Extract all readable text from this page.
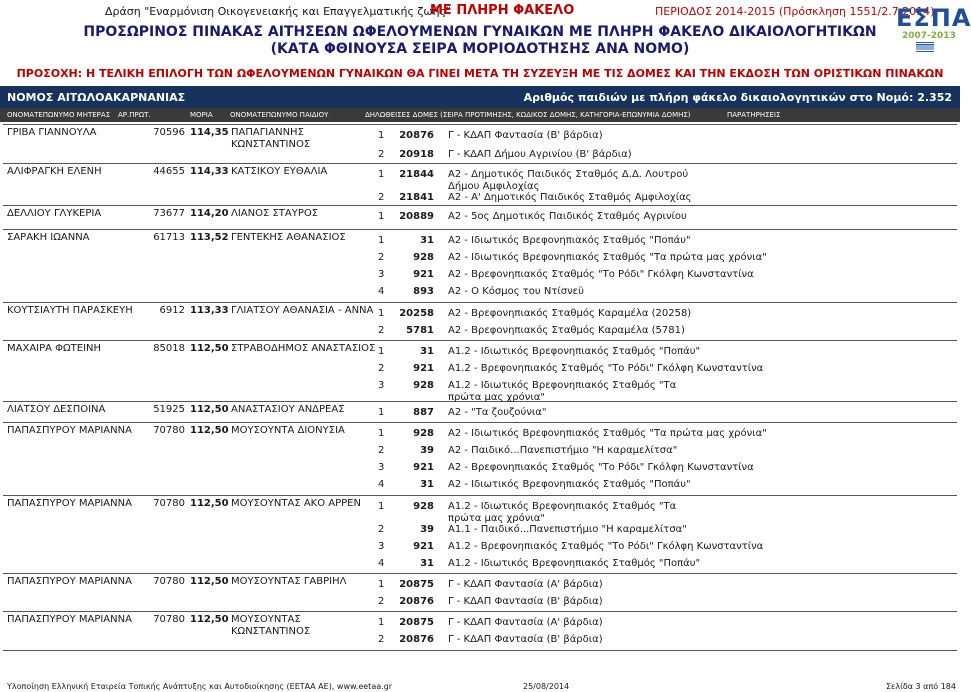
Δράση "Εναρμόνιση Οικογενειακής και Επαγγελματικής ζωής"
ΜΕ ΠΛΗΡΗ ΦΑΚΕΛΟ	ΠΕΡΙΟΔΟΣ 2014-2015 (Πρόσκληση 1551/2.7.2014)
ΕΣΠΑ
2007-2013
ΠΡΟΣΩΡΙΝΟΣ ΠΙΝΑΚΑΣ ΑΙΤΗΣΕΩΝ ΩΦΕΛΟΥΜΕΝΩΝ ΓΥΝΑΙΚΩΝ ΜΕ ΠΛΗΡΗ ΦΑΚΕΛΟ ΔΙΚΑΙΟΛΟΓΗΤΙΚΩΝ
(ΚΑΤΑ ΦΘΙΝΟΥΣΑ ΣΕΙΡΑ ΜΟΡΙΟΔΟΤΗΣΗΣ ΑΝΑ ΝΟΜΟ)
ΠΡΟΣΟΧΗ: Η ΤΕΛΙΚΗ ΕΠΙΛΟΓΗ ΤΩΝ ΩΦΕΛΟΥΜΕΝΩΝ ΓΥΝΑΙΚΩΝ ΘΑ ΓΙΝΕΙ ΜΕΤΑ ΤΗ ΣΥΖΕΥΞΗ ΜΕ ΤΙΣ ΔΟΜΕΣ ΚΑΙ ΤΗΝ ΕΚΔΟΣΗ ΤΩΝ ΟΡΙΣΤΙΚΩΝ ΠΙΝΑΚΩΝ
ΝΟΜΟΣ ΑΙΤΩΛΟΑΚΑΡΝΑΝΙΑΣ	Αριθμός παιδιών με πλήρη φάκελο δικαιολογητικών στο Νομό: 2.352
ΟΝΟΜΑΤΕΠΩΝΥΜΟ ΜΗΤΕΡΑΣ ΑΡ.ΠΡΩΤ.	ΜΟΡΙΑ ΟΝΟΜΑΤΕΠΩΝΥΜΟ ΠΑΙΔΙΟΥ	ΔΗΛΩΘΕΙΣΕΣ ΔΟΜΕΣ (ΣΕΙΡΑ ΠΡΟΤΙΜΗΣΗΣ, ΚΩΔΙΚΟΣ ΔΟΜΗΣ, ΚΑΤΗΓΟΡΙΑ-ΕΠΩΝΥΜΙΑ ΔΟΜΗΣ)	ΠΑΡΑΤΗΡΗΣΕΙΣ
ΓΡΙΒΑ ΓΙΑΝΝΟΥΛΑ	70596 114,35 ΠΑΠΑΓΙΑΝΝΗΣ ΚΩΝΣΤΑΝΤΙΝΟΣ
1	20876 Γ - ΚΔΑΠ Φαντασία (Β' βάρδια)
2	20918 Γ - ΚΔΑΠ Δήμου Αγρινίου (Β' βάρδια)
ΑΛΙΦΡΑΓΚΗ ΕΛΕΝΗ	44655 114,33 ΚΑΤΣΙΚΟΥ ΕΥΘΑΛΙΑ	1	21844 Α2 - Δημοτικός Παιδικός Σταθμός Δ.Δ. Λουτρού Δήμου Αμφιλοχίας
2	21841 Α2 - Α' Δημοτικός Παιδικός Σταθμός Αμφιλοχίας
ΔΕΛΛΙΟΥ ΓΛΥΚΕΡΙΑ	73677 114,20 ΛΙΑΝΟΣ ΣΤΑΥΡΟΣ	1	20889 Α2 - 5ος Δημοτικός Παιδικός Σταθμός Αγρινίου
ΣΑΡΑΚΗ ΙΩΑΝΝΑ	61713 113,52 ΓΕΝΤΕΚΗΣ ΑΘΑΝΑΣΙΟΣ	1	31 Α2 - Ιδιωτικός Βρεφονηπιακός Σταθμός "Ποπάυ"
2	928 Α2 - Ιδιωτικός Βρεφονηπιακός Σταθμός "Τα πρώτα μας χρόνια"
3	921 Α2 - Βρεφονηπιακός Σταθμός "Το Ρόδι" Γκόλφη Κωνσταντίνα
4	893 Α2 - Ο Κόσμος του Ντίσνεϋ
ΚΟΥΤΣΙΑΥΤΗ ΠΑΡΑΣΚΕΥΗ	6912 113,33 ΓΛΙΑΤΣΟΥ ΑΘΑΝΑΣΙΑ - ΑΝΝΑ 1	20258 Α2 - Βρεφονηπιακός Σταθμός Καραμέλα (20258)
2	5781 Α2 - Βρεφονηπιακός Σταθμός Καραμέλα (5781)
ΜΑΧΑΙΡΑ ΦΩΤΕΙΝΗ	85018 112,50 ΣΤΡΑΒΟΔΗΜΟΣ ΑΝΑΣΤΑΣΙΟΣ 1	31 Α1.2 - Ιδιωτικός Βρεφονηπιακός Σταθμός "Ποπάυ"
2	921 Α1.2 - Βρεφονηπιακός Σταθμός "Το Ρόδι" Γκόλφη Κωνσταντίνα
3	928 Α1.2 - Ιδιωτικός Βρεφονηπιακός Σταθμός "Τα πρώτα μας χρόνια"
ΛΙΑΤΣΟΥ ΔΕΣΠΟΙΝΑ	51925 112,50 ΑΝΑΣΤΑΣΙΟΥ ΑΝΔΡΕΑΣ	1	887 Α2 - "Τα ζουζούνια"
ΠΑΠΑΣΠΥΡΟΥ ΜΑΡΙΑΝΝΑ	70780 112,50 ΜΟΥΣΟΥΝΤΑ ΔΙΟΝΥΣΙΑ	1	928 Α2 - Ιδιωτικός Βρεφονηπιακός Σταθμός "Τα πρώτα μας χρόνια"
2	39 Α2 - Παιδικό...Πανεπιστήμιο "Η καραμελίτσα"
3	921 Α2 - Βρεφονηπιακός Σταθμός "Το Ρόδι" Γκόλφη Κωνσταντίνα
4	31 Α2 - Ιδιωτικός Βρεφονηπιακός Σταθμός "Ποπάυ"
ΠΑΠΑΣΠΥΡΟΥ ΜΑΡΙΑΝΝΑ	70780 112,50 ΜΟΥΣΟΥΝΤΑΣ ΑΚΟ ΑΡΡΕΝ	1	928 Α1.2 - Ιδιωτικός Βρεφονηπιακός Σταθμός "Τα πρώτα μας χρόνια"
2	39 Α1.1 - Παιδικό...Πανεπιστήμιο "Η καραμελίτσα"
3	921 Α1.2 - Βρεφονηπιακός Σταθμός "Το Ρόδι" Γκόλφη Κωνσταντίνα
4	31 Α1.2 - Ιδιωτικός Βρεφονηπιακός Σταθμός "Ποπάυ"
ΠΑΠΑΣΠΥΡΟΥ ΜΑΡΙΑΝΝΑ	70780 112,50 ΜΟΥΣΟΥΝΤΑΣ ΓΑΒΡΙΗΛ	1	20875 Γ - ΚΔΑΠ Φαντασία (Α' βάρδια)
2	20876 Γ - ΚΔΑΠ Φαντασία (Β' βάρδια)
ΠΑΠΑΣΠΥΡΟΥ ΜΑΡΙΑΝΝΑ	70780 112,50 ΜΟΥΣΟΥΝΤΑΣ ΚΩΝΣΤΑΝΤΙΝΟΣ
1	20875 Γ - ΚΔΑΠ Φαντασία (Α' βάρδια)
2	20876 Γ - ΚΔΑΠ Φαντασία (Β' βάρδια)
Υλοποίηση Ελληνική Εταιρεία Τοπικής Ανάπτυξης και Αυτοδιοίκησης (ΕΕΤΑΑ ΑΕ), www.eetaa.gr	25/08/2014	Σελίδα 3 από 184
